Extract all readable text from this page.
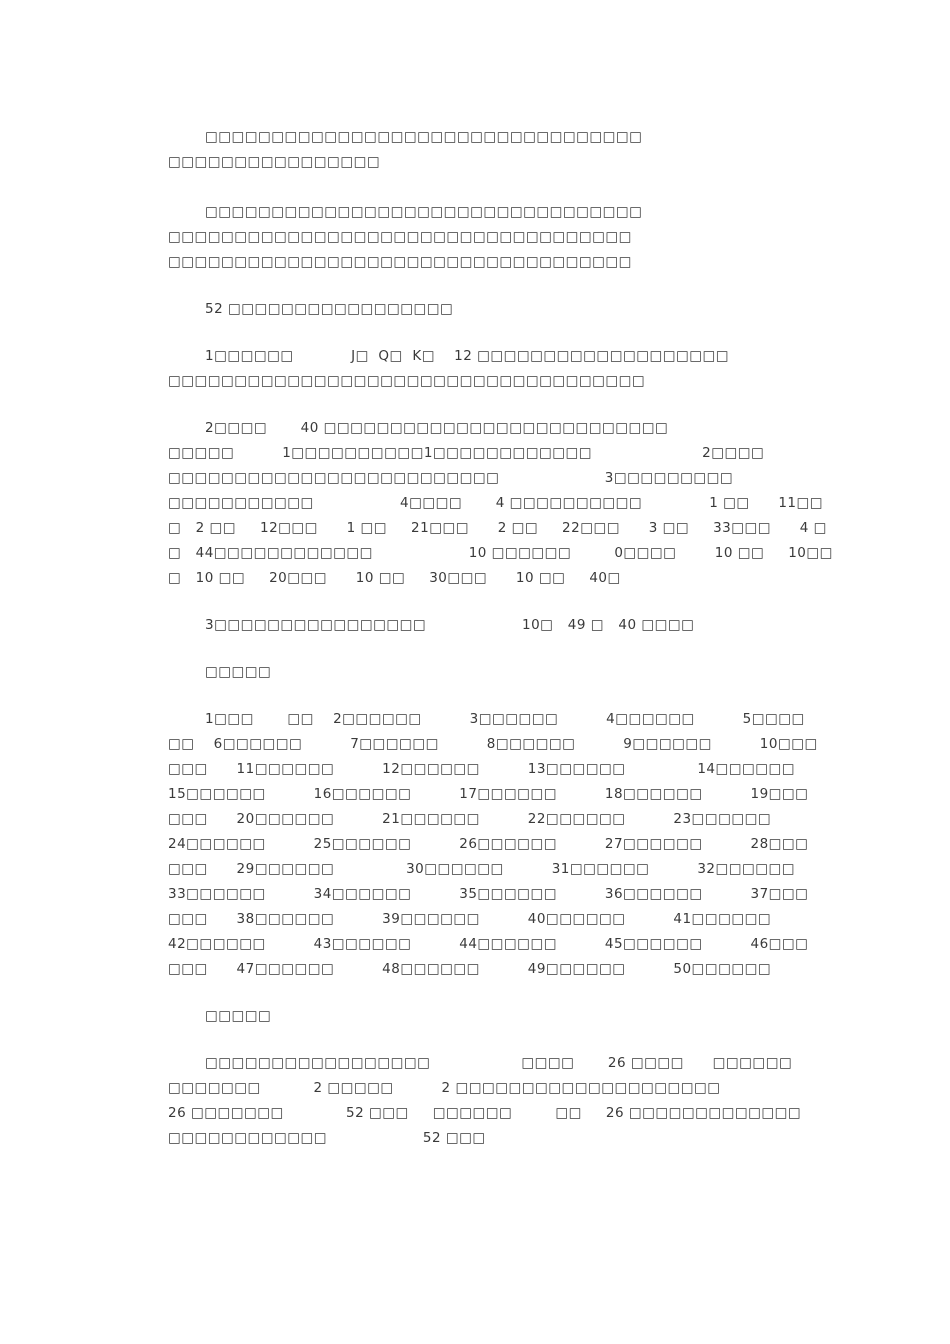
□□□□□□□□□□□□□□□□□□□□□□□□□□□□□□□□□
□□□□□□□□□□□□□□□□
□□□□□□□□□□□□□□□□□□□□□□□□□□□□□□□□□
□□□□□□□□□□□□□□□□□□□□□□□□□□□□□□□□□□□
□□□□□□□□□□□□□□□□□□□□□□□□□□□□□□□□□□□
52 □□□□□□□□□□□□□□□□□
1□□□□□□            J□  Q□  K□    12 □□□□□□□□□□□□□□□□□□□
□□□□□□□□□□□□□□□□□□□□□□□□□□□□□□□□□□□□
2□□□□       40 □□□□□□□□□□□□□□□□□□□□□□□□□□
□□□□□          1□□□□□□□□□□1□□□□□□□□□□□□                       2□□□□
□□□□□□□□□□□□□□□□□□□□□□□□□                      3□□□□□□□□□
□□□□□□□□□□□                  4□□□□       4 □□□□□□□□□□              1 □□      11□□
□   2 □□     12□□□      1 □□     21□□□      2 □□     22□□□      3 □□     33□□□      4 □
□   44□□□□□□□□□□□□                    10 □□□□□□         0□□□□        10 □□     10□□
□   10 □□     20□□□      10 □□     30□□□      10 □□     40□
3□□□□□□□□□□□□□□□□                    10□   49 □   40 □□□□
□□□□□
1□□□       □□    2□□□□□□          3□□□□□□          4□□□□□□          5□□□□
□□    6□□□□□□          7□□□□□□          8□□□□□□          9□□□□□□          10□□□
□□□      11□□□□□□          12□□□□□□          13□□□□□□               14□□□□□□
15□□□□□□          16□□□□□□          17□□□□□□          18□□□□□□          19□□□
□□□      20□□□□□□          21□□□□□□          22□□□□□□          23□□□□□□
24□□□□□□          25□□□□□□          26□□□□□□          27□□□□□□          28□□□
□□□      29□□□□□□               30□□□□□□          31□□□□□□          32□□□□□□
33□□□□□□          34□□□□□□          35□□□□□□          36□□□□□□          37□□□
□□□      38□□□□□□          39□□□□□□          40□□□□□□          41□□□□□□
42□□□□□□          43□□□□□□          44□□□□□□          45□□□□□□          46□□□
□□□      47□□□□□□          48□□□□□□          49□□□□□□          50□□□□□□
□□□□□
□□□□□□□□□□□□□□□□□                   □□□□       26 □□□□      □□□□□□
□□□□□□□           2 □□□□□          2 □□□□□□□□□□□□□□□□□□□□
26 □□□□□□□             52 □□□     □□□□□□         □□     26 □□□□□□□□□□□□□
□□□□□□□□□□□□                    52 □□□
